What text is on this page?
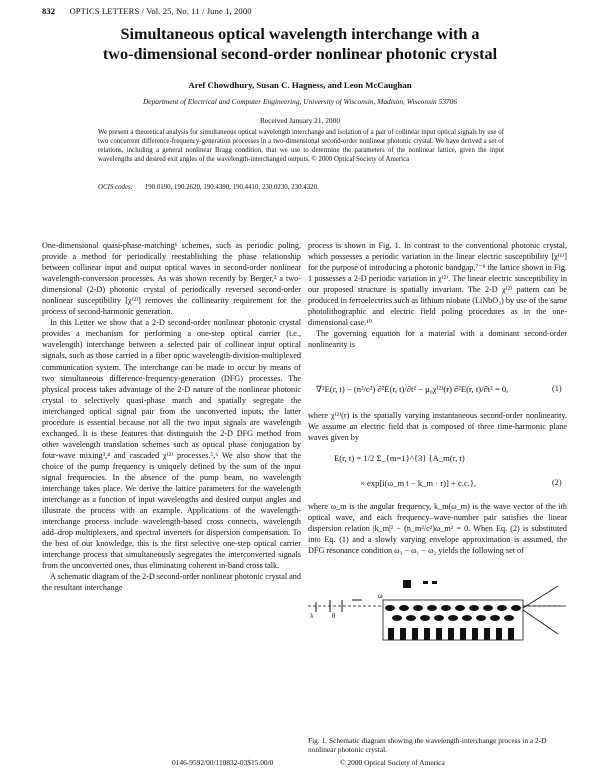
832 OPTICS LETTERS / Vol. 25, No. 11 / June 1, 2000
Simultaneous optical wavelength interchange with a
two-dimensional second-order nonlinear photonic crystal
Aref Chowdhury, Susan C. Hagness, and Leon McCaughan
Department of Electrical and Computer Engineering, University of Wisconsin, Madison, Wisconsin 53706
Received January 21, 2000
We present a theoretical analysis for simultaneous optical wavelength interchange and isolation of a pair of collinear input optical signals by use of two concurrent difference-frequency-generation processes in a two-dimensional second-order nonlinear photonic crystal. We have derived a set of relations, including a general nonlinear Bragg condition, that we use to determine the parameters of the nonlinear lattice, given the input wavelengths and desired exit angles of the wavelength-interchanged outputs. © 2000 Optical Society of America
OCIS codes: 190.0190, 190.2620, 190.4390, 190.4410, 230.0230, 230.4320.

One-dimensional quasi-phase-matching¹ schemes, such as periodic poling, provide a method for periodically reestablishing the phase relationship between collinear input and output optical waves in second-order nonlinear wavelength-conversion processes. As was shown recently by Berger,² a two-dimensional (2-D) photonic crystal of periodically reversed second-order nonlinear susceptibility [χ⁽²⁾] removes the collinearity requirement for the process of second-harmonic generation.

In this Letter we show that a 2-D second-order nonlinear photonic crystal provides a mechanism for performing a one-step optical carrier (i.e., wavelength) interchange between a selected pair of collinear input optical signals, such as those carried in a fiber optic wavelength-division-multiplexed communication system. The interchange can be made to occur by means of two simultaneous difference-frequency-generation (DFG) processes. The physical process takes advantage of the 2-D nature of the nonlinear photonic crystal to selectively quasi-phase match and spatially segregate the interchanged optical signal pair from the unconverted inputs; the latter procedure is essential because not all the two input signals are wavelength exchanged. It is these features that distinguish the 2-D DFG method from other wavelength translation schemes such as optical phase conjugation by four-wave mixing³,⁴ and cascaded χ⁽²⁾ processes.⁵,⁶ We also show that the choice of the pump frequency is uniquely defined by the sum of the input signal frequencies. In the absence of the pump beam, no wavelength interchange takes place. We derive the lattice parameters for the wavelength interchange as a function of input wavelengths and desired output angles and illustrate the process with an example. Applications of the wavelength-interchange process include wavelength-based cross connects, wavelength add–drop multiplexers, and spectral inverters for dispersion compensation. To the best of our knowledge, this is the first selective one-step optical carrier interchange process that simultaneously segregates the interconverted signals from the unconverted ones, thus eliminating coherent in-band cross talk.

A schematic diagram of the 2-D second-order nonlinear photonic crystal and the resultant interchange

process is shown in Fig. 1. In contrast to the conventional photonic crystal, which possesses a periodic variation in the linear electric susceptibility [χ⁽¹⁾] for the purpose of introducing a photonic bandgap,⁷⁻⁹ the lattice shown in Fig. 1 possesses a 2-D periodic variation in χ⁽²⁾. The linear electric susceptibility in our proposed structure is spatially invariant. The 2-D χ⁽²⁾ pattern can be produced in ferroelectrics such as lithium niobate (LiNbO₃) by use of the same photolithographic and electric field poling procedures as in the one-dimensional case.¹⁰

The governing equation for a material with a dominant second-order nonlinearity is

∇²E(r, t) − (n²/c²) ∂²E(r, t)/∂t² − μ₀χ⁽²⁾(r) ∂²E(r, t)/∂t² = 0,	(1)

where χ⁽²⁾(r) is the spatially varying instantaneous second-order nonlinearity. We assume an electric field that is composed of three time-harmonic plane waves given by

E(r, t) = 1/2 Σ_{m=1}^{3} {A_m(r, t)
× exp[i(ω_m t − k_m · r)] + c.c.},	(2)

where ω_m is the angular frequency, k_m(ω_m) is the wave vector of the ith optical wave, and each frequency–wave-number pair satisfies the linear dispersion relation |k_m|² − (n_m²/c²)ω_m² = 0. When Eq. (2) is substituted into Eq. (1) and a slowly varying envelope approximation is assumed, the DFG resonance condition ω₃ − ω₁ − ω₂ yields the following set of

λ	θ
ω
Fig. 1. Schematic diagram showing the wavelength-interchange process in a 2-D nonlinear photonic crystal.
0146-9592/00/110832-03$15.00/0	© 2000 Optical Society of America
